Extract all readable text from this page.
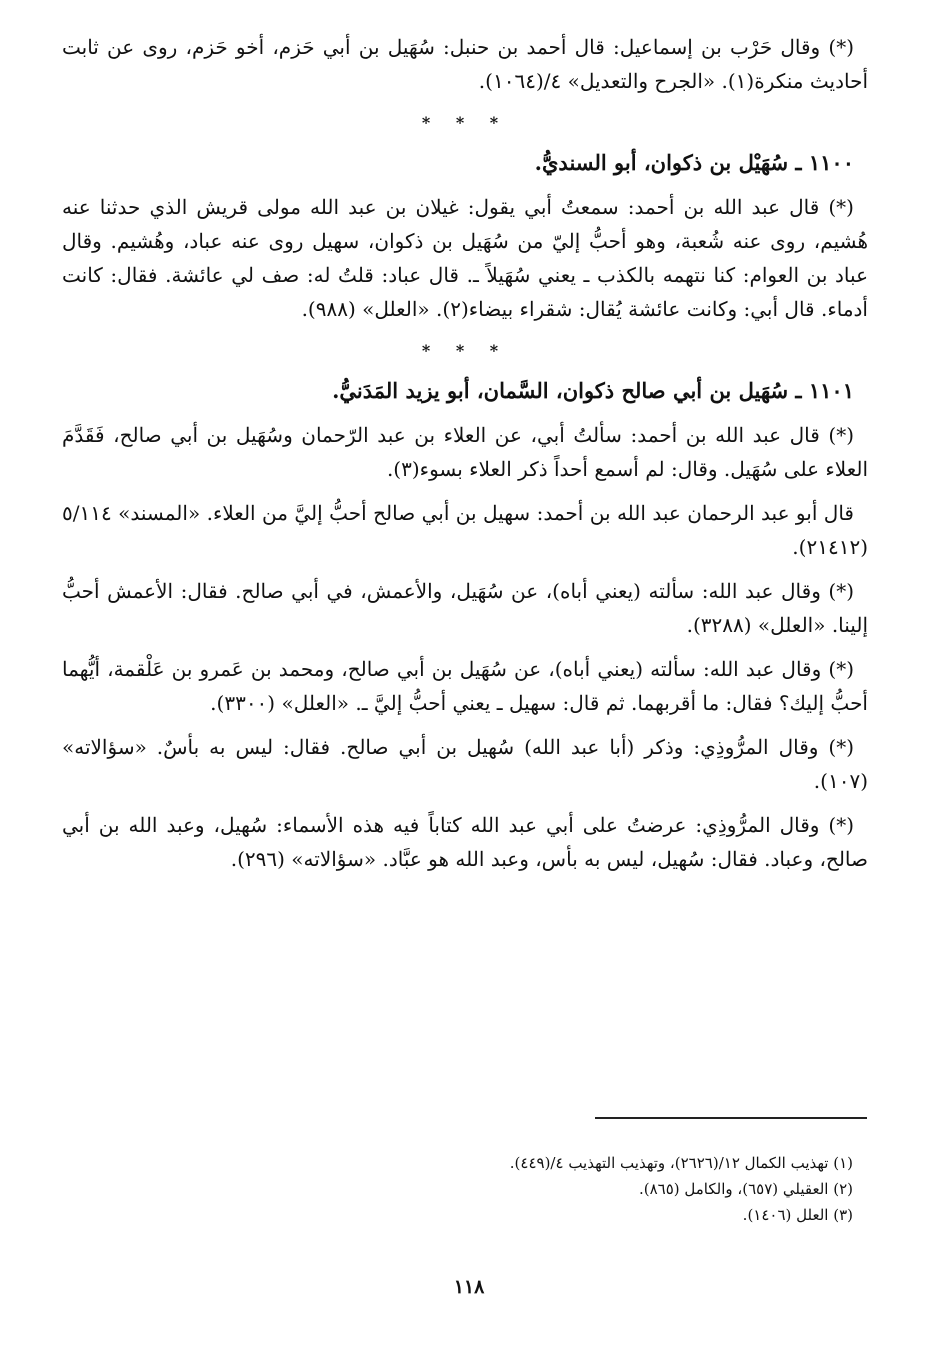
(*) وقال حَرْب بن إسماعيل: قال أحمد بن حنبل: سُهَيل بن أبي حَزم، أخو حَزم، روى عن ثابت أحاديث منكرة(١). «الجرح والتعديل» ٤/(١٠٦٤).

* * *
١١٠٠ ـ سُهَيْل بن ذكوان، أبو السنديُّ.

(*) قال عبد الله بن أحمد: سمعتُ أبي يقول: غيلان بن عبد الله مولى قريش الذي حدثنا عنه هُشيم، روى عنه شُعبة، وهو أحبُّ إليّ من سُهَيل بن ذكوان، سهيل روى عنه عباد، وهُشيم. وقال عباد بن العوام: كنا نتهمه بالكذب ـ يعني سُهَيلاً ـ. قال عباد: قلتُ له: صف لي عائشة. فقال: كانت أدماء. قال أبي: وكانت عائشة يُقال: شقراء بيضاء(٢). «العلل» (٩٨٨).

* * *
١١٠١ ـ سُهَيل بن أبي صالح ذكوان، السَّمان، أبو يزيد المَدَنيُّ.

(*) قال عبد الله بن أحمد: سألتُ أبي، عن العلاء بن عبد الرّحمان وسُهَيل بن أبي صالح، فَقَدَّمَ العلاء على سُهَيل. وقال: لم أسمع أحداً ذكر العلاء بسوء(٣).

قال أبو عبد الرحمان عبد الله بن أحمد: سهيل بن أبي صالح أحبُّ إليَّ من العلاء. «المسند» ٥/١١٤ (٢١٤١٢).

(*) وقال عبد الله: سألته (يعني أباه)، عن سُهَيل، والأعمش، في أبي صالح. فقال: الأعمش أحبُّ إلينا. «العلل» (٣٢٨٨).

(*) وقال عبد الله: سألته (يعني أباه)، عن سُهَيل بن أبي صالح، ومحمد بن عَمرو بن عَلْقمة، أيُّهما أحبُّ إليك؟ فقال: ما أقربهما. ثم قال: سهيل ـ يعني أحبُّ إليَّ ـ. «العلل» (٣٣٠٠).

(*) وقال المرُّوذِي: وذكر (أبا عبد الله) سُهيل بن أبي صالح. فقال: ليس به بأسٌ. «سؤالاته» (١٠٧).

(*) وقال المرُّوذِي: عرضتُ على أبي عبد الله كتاباً فيه هذه الأسماء: سُهيل، وعبد الله بن أبي صالح، وعباد. فقال: سُهيل، ليس به بأس، وعبد الله هو عبَّاد. «سؤالاته» (٢٩٦).

(١) تهذيب الكمال ١٢/(٢٦٢٦)، وتهذيب التهذيب ٤/(٤٤٩).

(٢) العقيلي (٦٥٧)، والكامل (٨٦٥).

(٣) العلل (١٤٠٦).

١١٨
